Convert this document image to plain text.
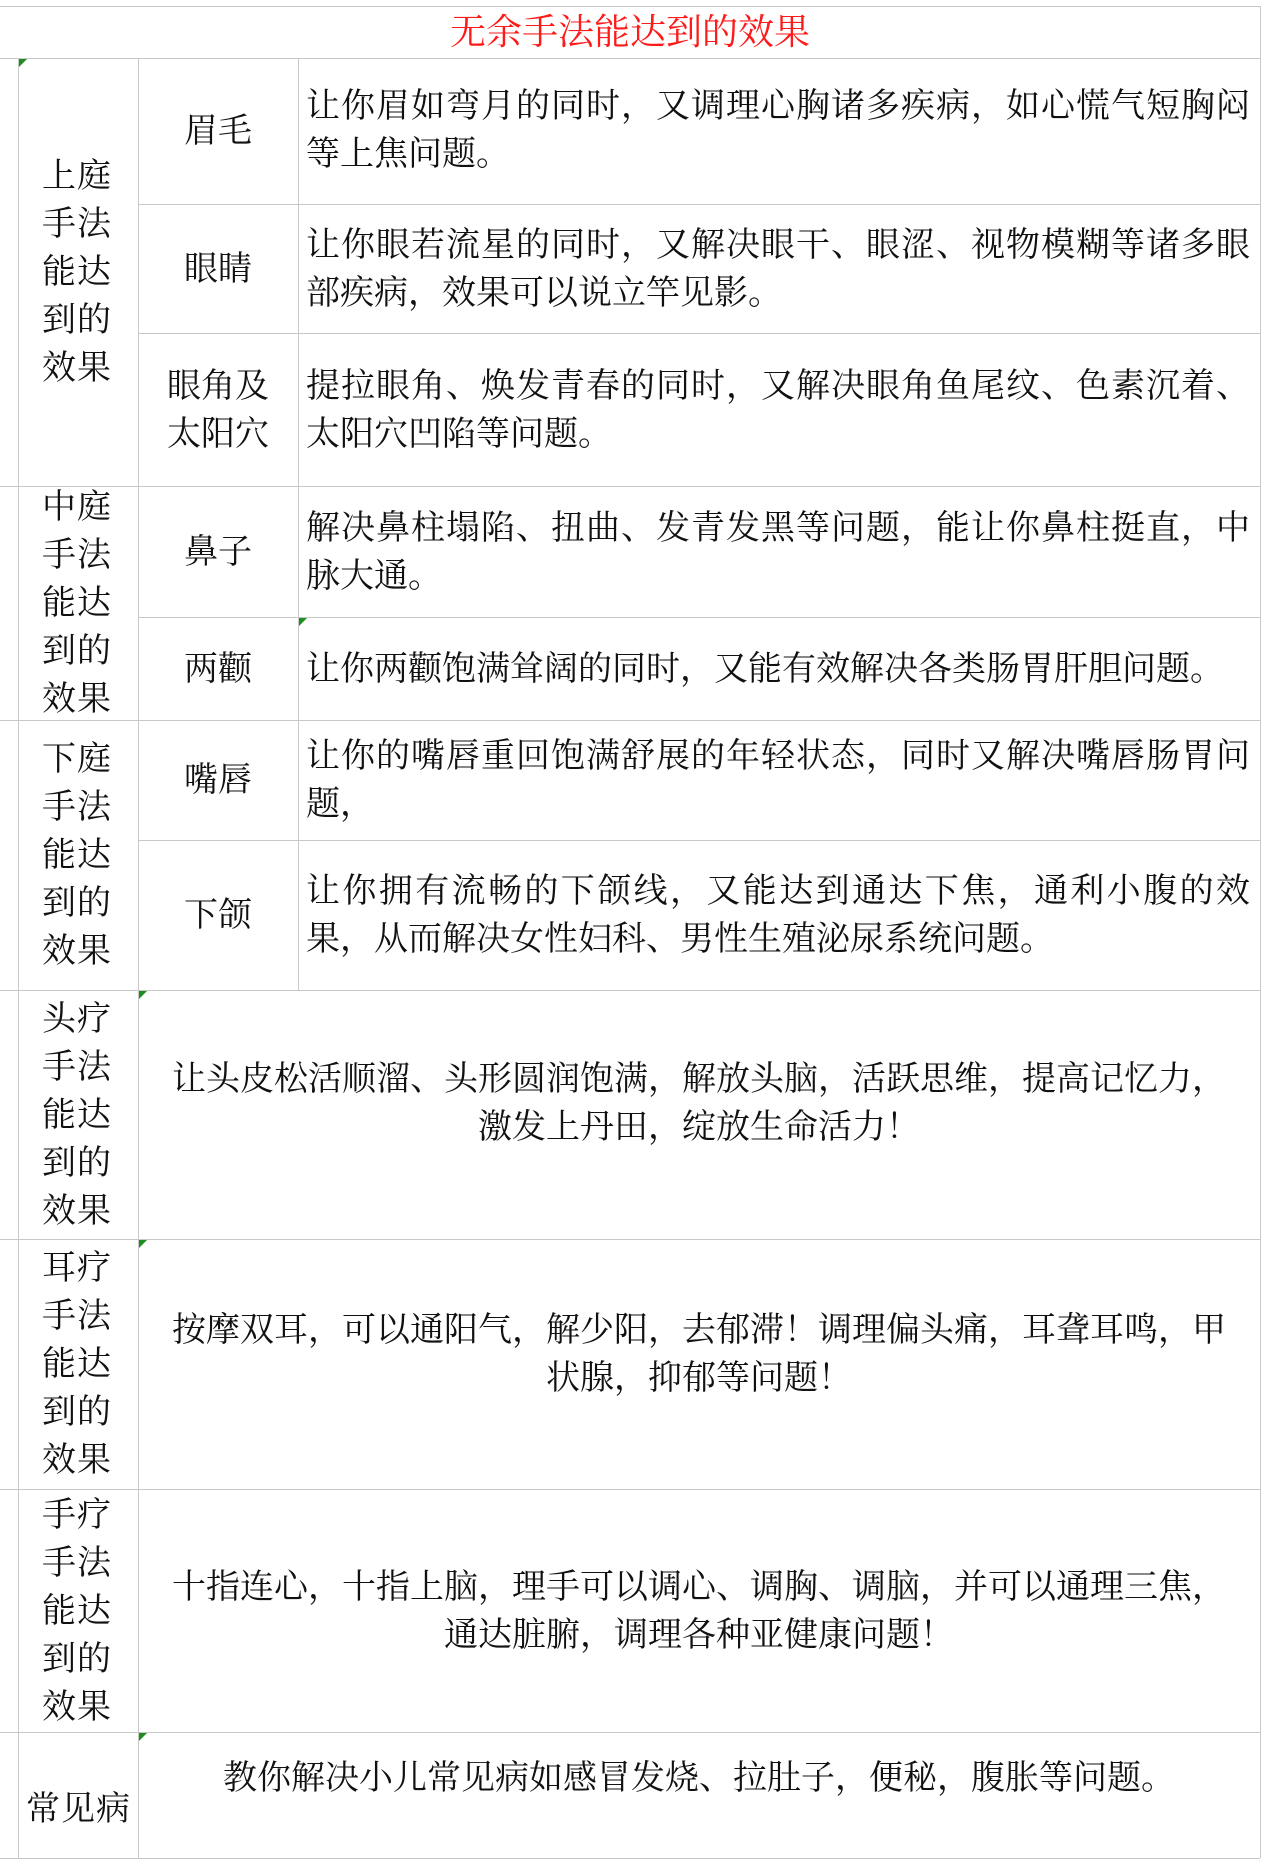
无余手法能达到的效果
上庭手法能达到的效果
眉毛
让你眉如弯月的同时，又调理心胸诸多疾病，如心慌气短胸闷等上焦问题。
眼睛
让你眼若流星的同时，又解决眼干、眼涩、视物模糊等诸多眼部疾病，效果可以说立竿见影。
眼角及太阳穴
提拉眼角、焕发青春的同时，又解决眼角鱼尾纹、色素沉着、太阳穴凹陷等问题。
中庭手法能达到的效果
鼻子
解决鼻柱塌陷、扭曲、发青发黑等问题，能让你鼻柱挺直，中脉大通。
两颧 让你两颧饱满耸阔的同时，又能有效解决各类肠胃肝胆问题。
下庭手法能达到的效果
嘴唇
让你的嘴唇重回饱满舒展的年轻状态，同时又解决嘴唇肠胃问题，
下颌
让你拥有流畅的下颌线，又能达到通达下焦，通利小腹的效果，从而解决女性妇科、男性生殖泌尿系统问题。
头疗手法能达到的效果
让头皮松活顺溜、头形圆润饱满，解放头脑，活跃思维，提高记忆力，激发上丹田，绽放生命活力！
耳疗手法能达到的效果
按摩双耳，可以通阳气，解少阳，去郁滞！调理偏头痛，耳聋耳鸣，甲状腺，抑郁等问题！
手疗手法能达到的效果
十指连心，十指上脑，理手可以调心、调胸、调脑，并可以通理三焦，通达脏腑，调理各种亚健康问题！
常见病
教你解决小儿常见病如感冒发烧、拉肚子，便秘，腹胀等问题。
